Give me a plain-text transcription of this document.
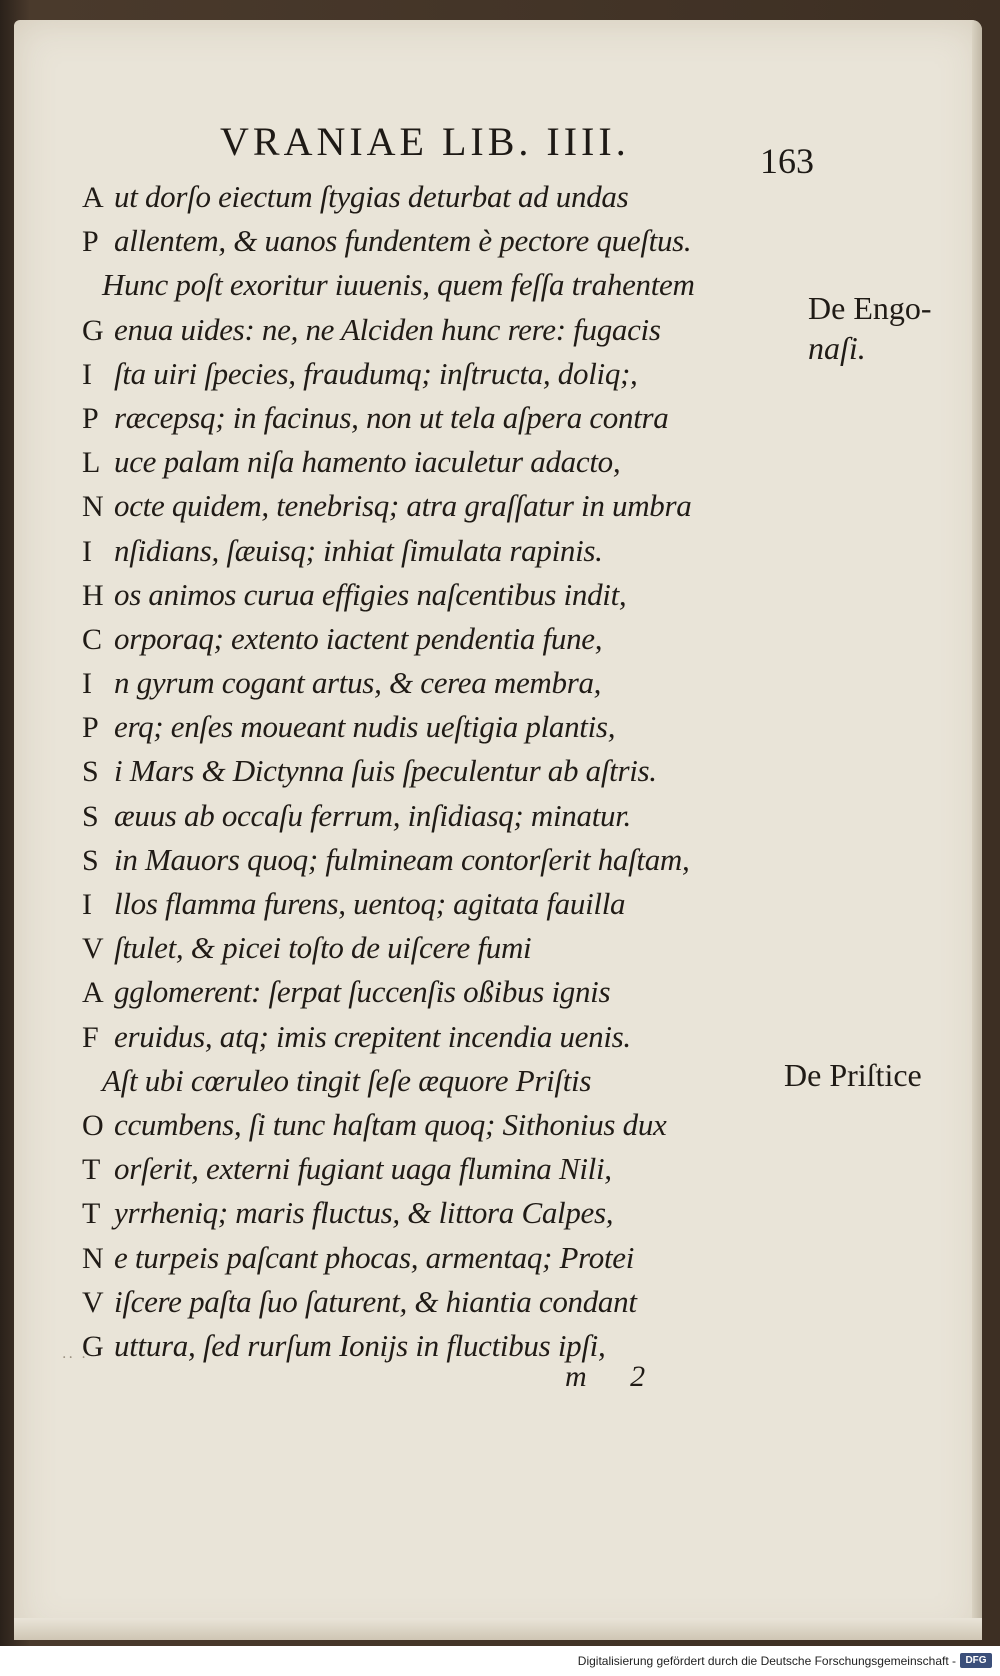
VRANIAE LIB. IIII.	163
A ut dorſo eiectum ſtygias deturbat ad undas
P allentem, & uanos fundentem è pectore queſtus.
Hunc poſt exoritur iuuenis, quem feſſa trahentem
G enua uides: ne, ne Alciden hunc rere: fugacis
I ſta uiri ſpecies, fraudumq; inſtructa, doliq;,
P ræcepsq; in facinus, non ut tela aſpera contra
L uce palam niſa hamento iaculetur adacto,
N octe quidem, tenebrisq; atra graſſatur in umbra
I nſidians, ſæuisq; inhiat ſimulata rapinis.
H os animos curua effigies naſcentibus indit,
C orporaq; extento iactent pendentia fune,
I n gyrum cogant artus, & cerea membra,
P erq; enſes moueant nudis ueſtigia plantis,
S i Mars & Dictynna ſuis ſpeculentur ab aſtris.
S æuus ab occaſu ferrum, inſidiasq; minatur.
S in Mauors quoq; fulmineam contorſerit haſtam,
I llos flamma furens, uentoq; agitata fauilla
V ſtulet, & picei toſto de uiſcere fumi
A gglomerent: ſerpat ſuccenſis oßibus ignis
F eruidus, atq; imis crepitent incendia uenis.
Aſt ubi cœruleo tingit ſeſe æquore Priſtis
O ccumbens, ſi tunc haſtam quoq; Sithonius dux
T orſerit, externi fugiant uaga flumina Nili,
T yrrheniq; maris fluctus, & littora Calpes,
N e turpeis paſcant phocas, armentaq; Protei
V iſcere paſta ſuo ſaturent, & hiantia condant
G uttura, ſed rurſum Ionijs in fluctibus ipſi,
De Engo-
naſi.
De Priſtice
·· ·
m 2
Digitalisierung gefördert durch die Deutsche Forschungsgemeinschaft - DFG
